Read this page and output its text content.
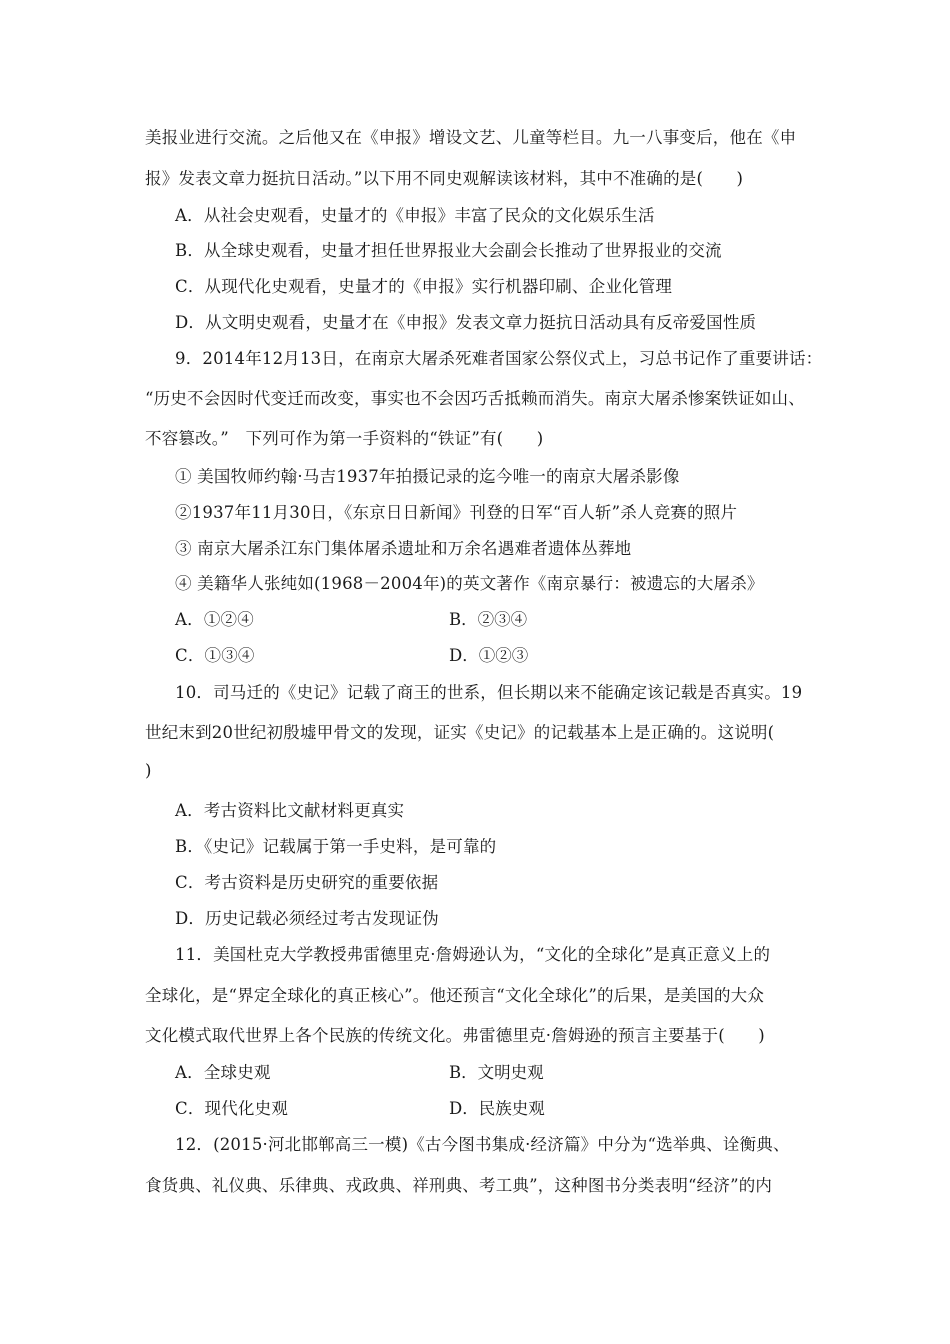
美报业进行交流。之后他又在《申报》增设文艺、儿童等栏目。九一八事变后，他在《申
报》发表文章力挺抗日活动。”以下用不同史观解读该材料，其中不准确的是(　　)
A．从社会史观看，史量才的《申报》丰富了民众的文化娱乐生活
B．从全球史观看，史量才担任世界报业大会副会长推动了世界报业的交流
C．从现代化史观看，史量才的《申报》实行机器印刷、企业化管理
D．从文明史观看，史量才在《申报》发表文章力挺抗日活动具有反帝爱国性质
9．2014年12月13日，在南京大屠杀死难者国家公祭仪式上，习总书记作了重要讲话：
“历史不会因时代变迁而改变，事实也不会因巧舌抵赖而消失。南京大屠杀惨案铁证如山、
不容篡改。”　下列可作为第一手资料的“铁证”有(　　)
① 美国牧师约翰·马吉1937年拍摄记录的迄今唯一的南京大屠杀影像
②1937年11月30日，《东京日日新闻》刊登的日军“百人斩”杀人竞赛的照片
③ 南京大屠杀江东门集体屠杀遗址和万余名遇难者遗体丛葬地
④ 美籍华人张纯如(1968－2004年)的英文著作《南京暴行：被遗忘的大屠杀》
A．①②④	B．②③④
C．①③④	D．①②③
10．司马迁的《史记》记载了商王的世系，但长期以来不能确定该记载是否真实。19
世纪末到20世纪初殷墟甲骨文的发现，证实《史记》的记载基本上是正确的。这说明(
)
A．考古资料比文献材料更真实
B．《史记》记载属于第一手史料，是可靠的
C．考古资料是历史研究的重要依据
D．历史记载必须经过考古发现证伪
11．美国杜克大学教授弗雷德里克·詹姆逊认为，“文化的全球化”是真正意义上的
全球化，是“界定全球化的真正核心”。他还预言“文化全球化”的后果，是美国的大众
文化模式取代世界上各个民族的传统文化。弗雷德里克·詹姆逊的预言主要基于(　　)
A．全球史观	B．文明史观
C．现代化史观	D．民族史观
12．(2015·河北邯郸高三一模)《古今图书集成·经济篇》中分为“选举典、诠衡典、
食货典、礼仪典、乐律典、戎政典、祥刑典、考工典”，这种图书分类表明“经济”的内
